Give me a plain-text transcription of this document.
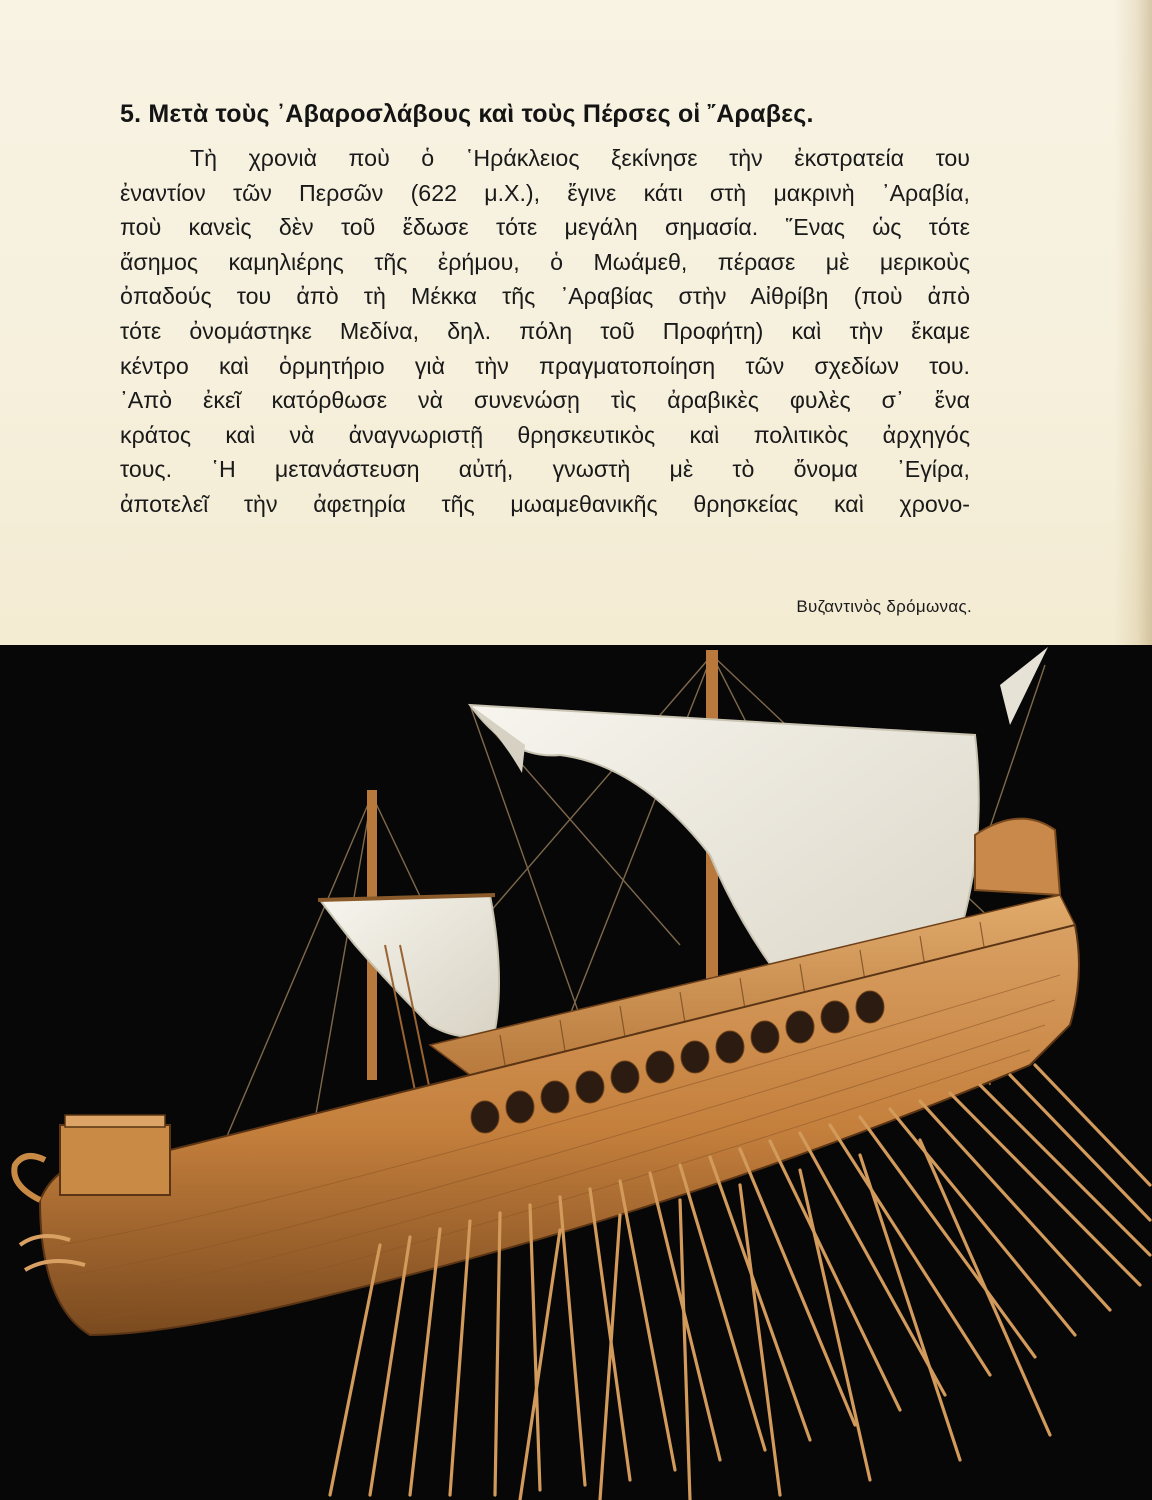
5. Μετὰ τοὺς ᾿Αβαροσλάβους καὶ τοὺς Πέρσες οἱ ῎Αραβες.

Τὴ χρονιὰ ποὺ ὁ ῾Ηράκλειος ξεκίνησε τὴν ἐκστρατεία του
ἐναντίον τῶν Περσῶν (622 μ.Χ.), ἔγινε κάτι στὴ μακρινὴ ᾿Αραβία,
ποὺ κανεὶς δὲν τοῦ ἔδωσε τότε μεγάλη σημασία. ῞Ενας ὡς τότε
ἄσημος καμηλιέρης τῆς ἐρήμου, ὁ Μωάμεθ, πέρασε μὲ μερικοὺς
ὀπαδούς του ἀπὸ τὴ Μέκκα τῆς ᾿Αραβίας στὴν Αἰθρίβη (ποὺ ἀπὸ
τότε ὀνομάστηκε Μεδίνα, δηλ. πόλη τοῦ Προφήτη) καὶ τὴν ἔκαμε
κέντρο καὶ ὁρμητήριο γιὰ τὴν πραγματοποίηση τῶν σχεδίων του.
᾿Απὸ ἐκεῖ κατόρθωσε νὰ συνενώσῃ τὶς ἀραβικὲς φυλὲς σ᾿ ἕνα
κράτος καὶ νὰ ἀναγνωριστῇ θρησκευτικὸς καὶ πολιτικὸς ἀρχηγός
τους. ῾Η μετανάστευση αὐτή, γνωστὴ μὲ τὸ ὄνομα ᾿Εγίρα,
ἀποτελεῖ τὴν ἀφετηρία τῆς μωαμεθανικῆς θρησκείας καὶ χρονο-

Βυζαντινὸς δρόμωνας.
